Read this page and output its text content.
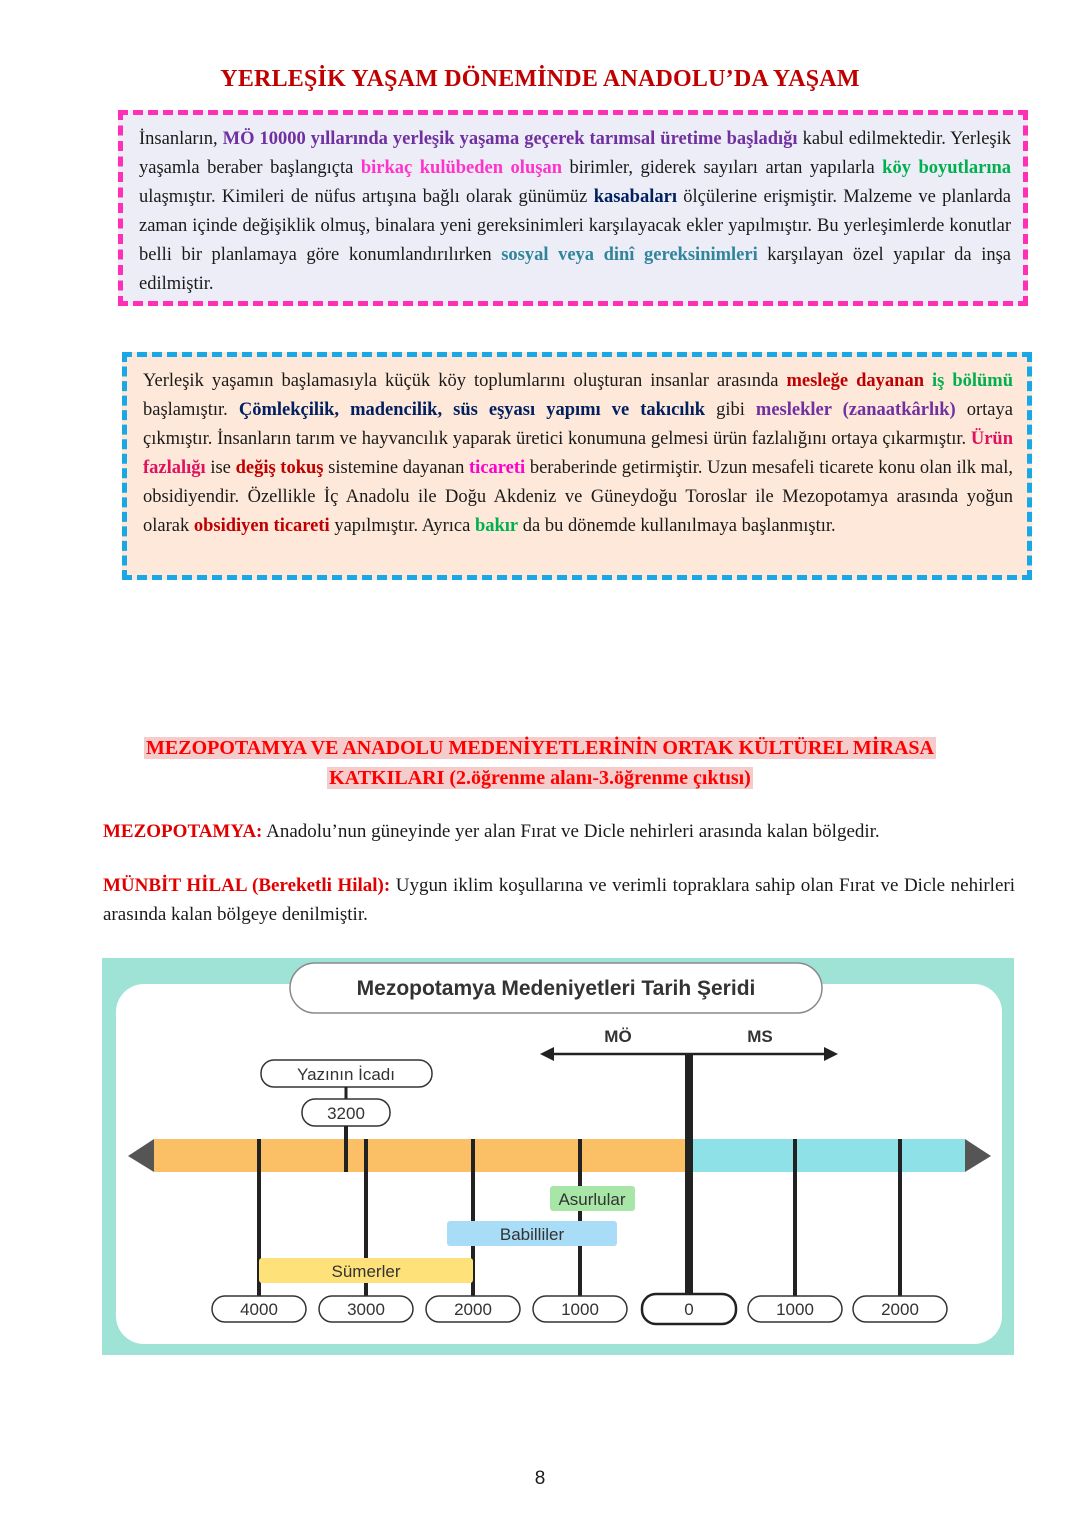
YERLEŞİK YAŞAM DÖNEMİNDE ANADOLU’DA YAŞAM

İnsanların, MÖ 10000 yıllarında yerleşik yaşama geçerek tarımsal üretime başladığı kabul edilmektedir. Yerleşik yaşamla beraber başlangıçta birkaç kulübeden oluşan birimler, giderek sayıları artan yapılarla köy boyutlarına ulaşmıştır. Kimileri de nüfus artışına bağlı olarak günümüz kasabaları ölçülerine erişmiştir. Malzeme ve planlarda zaman içinde değişiklik olmuş, binalara yeni gereksinimleri karşılayacak ekler yapılmıştır. Bu yerleşimlerde konutlar belli bir planlamaya göre konumlandırılırken sosyal veya dinî gereksinimleri karşılayan özel yapılar da inşa edilmiştir.

Yerleşik yaşamın başlamasıyla küçük köy toplumlarını oluşturan insanlar arasında mesleğe dayanan iş bölümü başlamıştır. Çömlekçilik, madencilik, süs eşyası yapımı ve takıcılık gibi meslekler (zanaatkârlık) ortaya çıkmıştır. İnsanların tarım ve hayvancılık yaparak üretici konumuna gelmesi ürün fazlalığını ortaya çıkarmıştır. Ürün fazlalığı ise değiş tokuş sistemine dayanan ticareti beraberinde getirmiştir. Uzun mesafeli ticarete konu olan ilk mal, obsidiyendir. Özellikle İç Anadolu ile Doğu Akdeniz ve Güneydoğu Toroslar ile Mezopotamya arasında yoğun olarak obsidiyen ticareti yapılmıştır. Ayrıca bakır da bu dönemde kullanılmaya başlanmıştır.

MEZOPOTAMYA VE ANADOLU MEDENİYETLERİNİN ORTAK KÜLTÜREL MİRASA
KATKILARI (2.öğrenme alanı-3.öğrenme çıktısı)
MEZOPOTAMYA: Anadolu’nun güneyinde yer alan Fırat ve Dicle nehirleri arasında kalan bölgedir.
MÜNBİT HİLAL (Bereketli Hilal): Uygun iklim koşullarına ve verimli topraklara sahip olan Fırat ve Dicle nehirleri arasında kalan bölgeye denilmiştir.
Mezopotamya Medeniyetleri Tarih Şeridi
MÖ	MS
Yazının İcadı
3200
Asurlular
Babilliler
Sümerler
4000	3000	2000	1000	0	1000	2000
8
